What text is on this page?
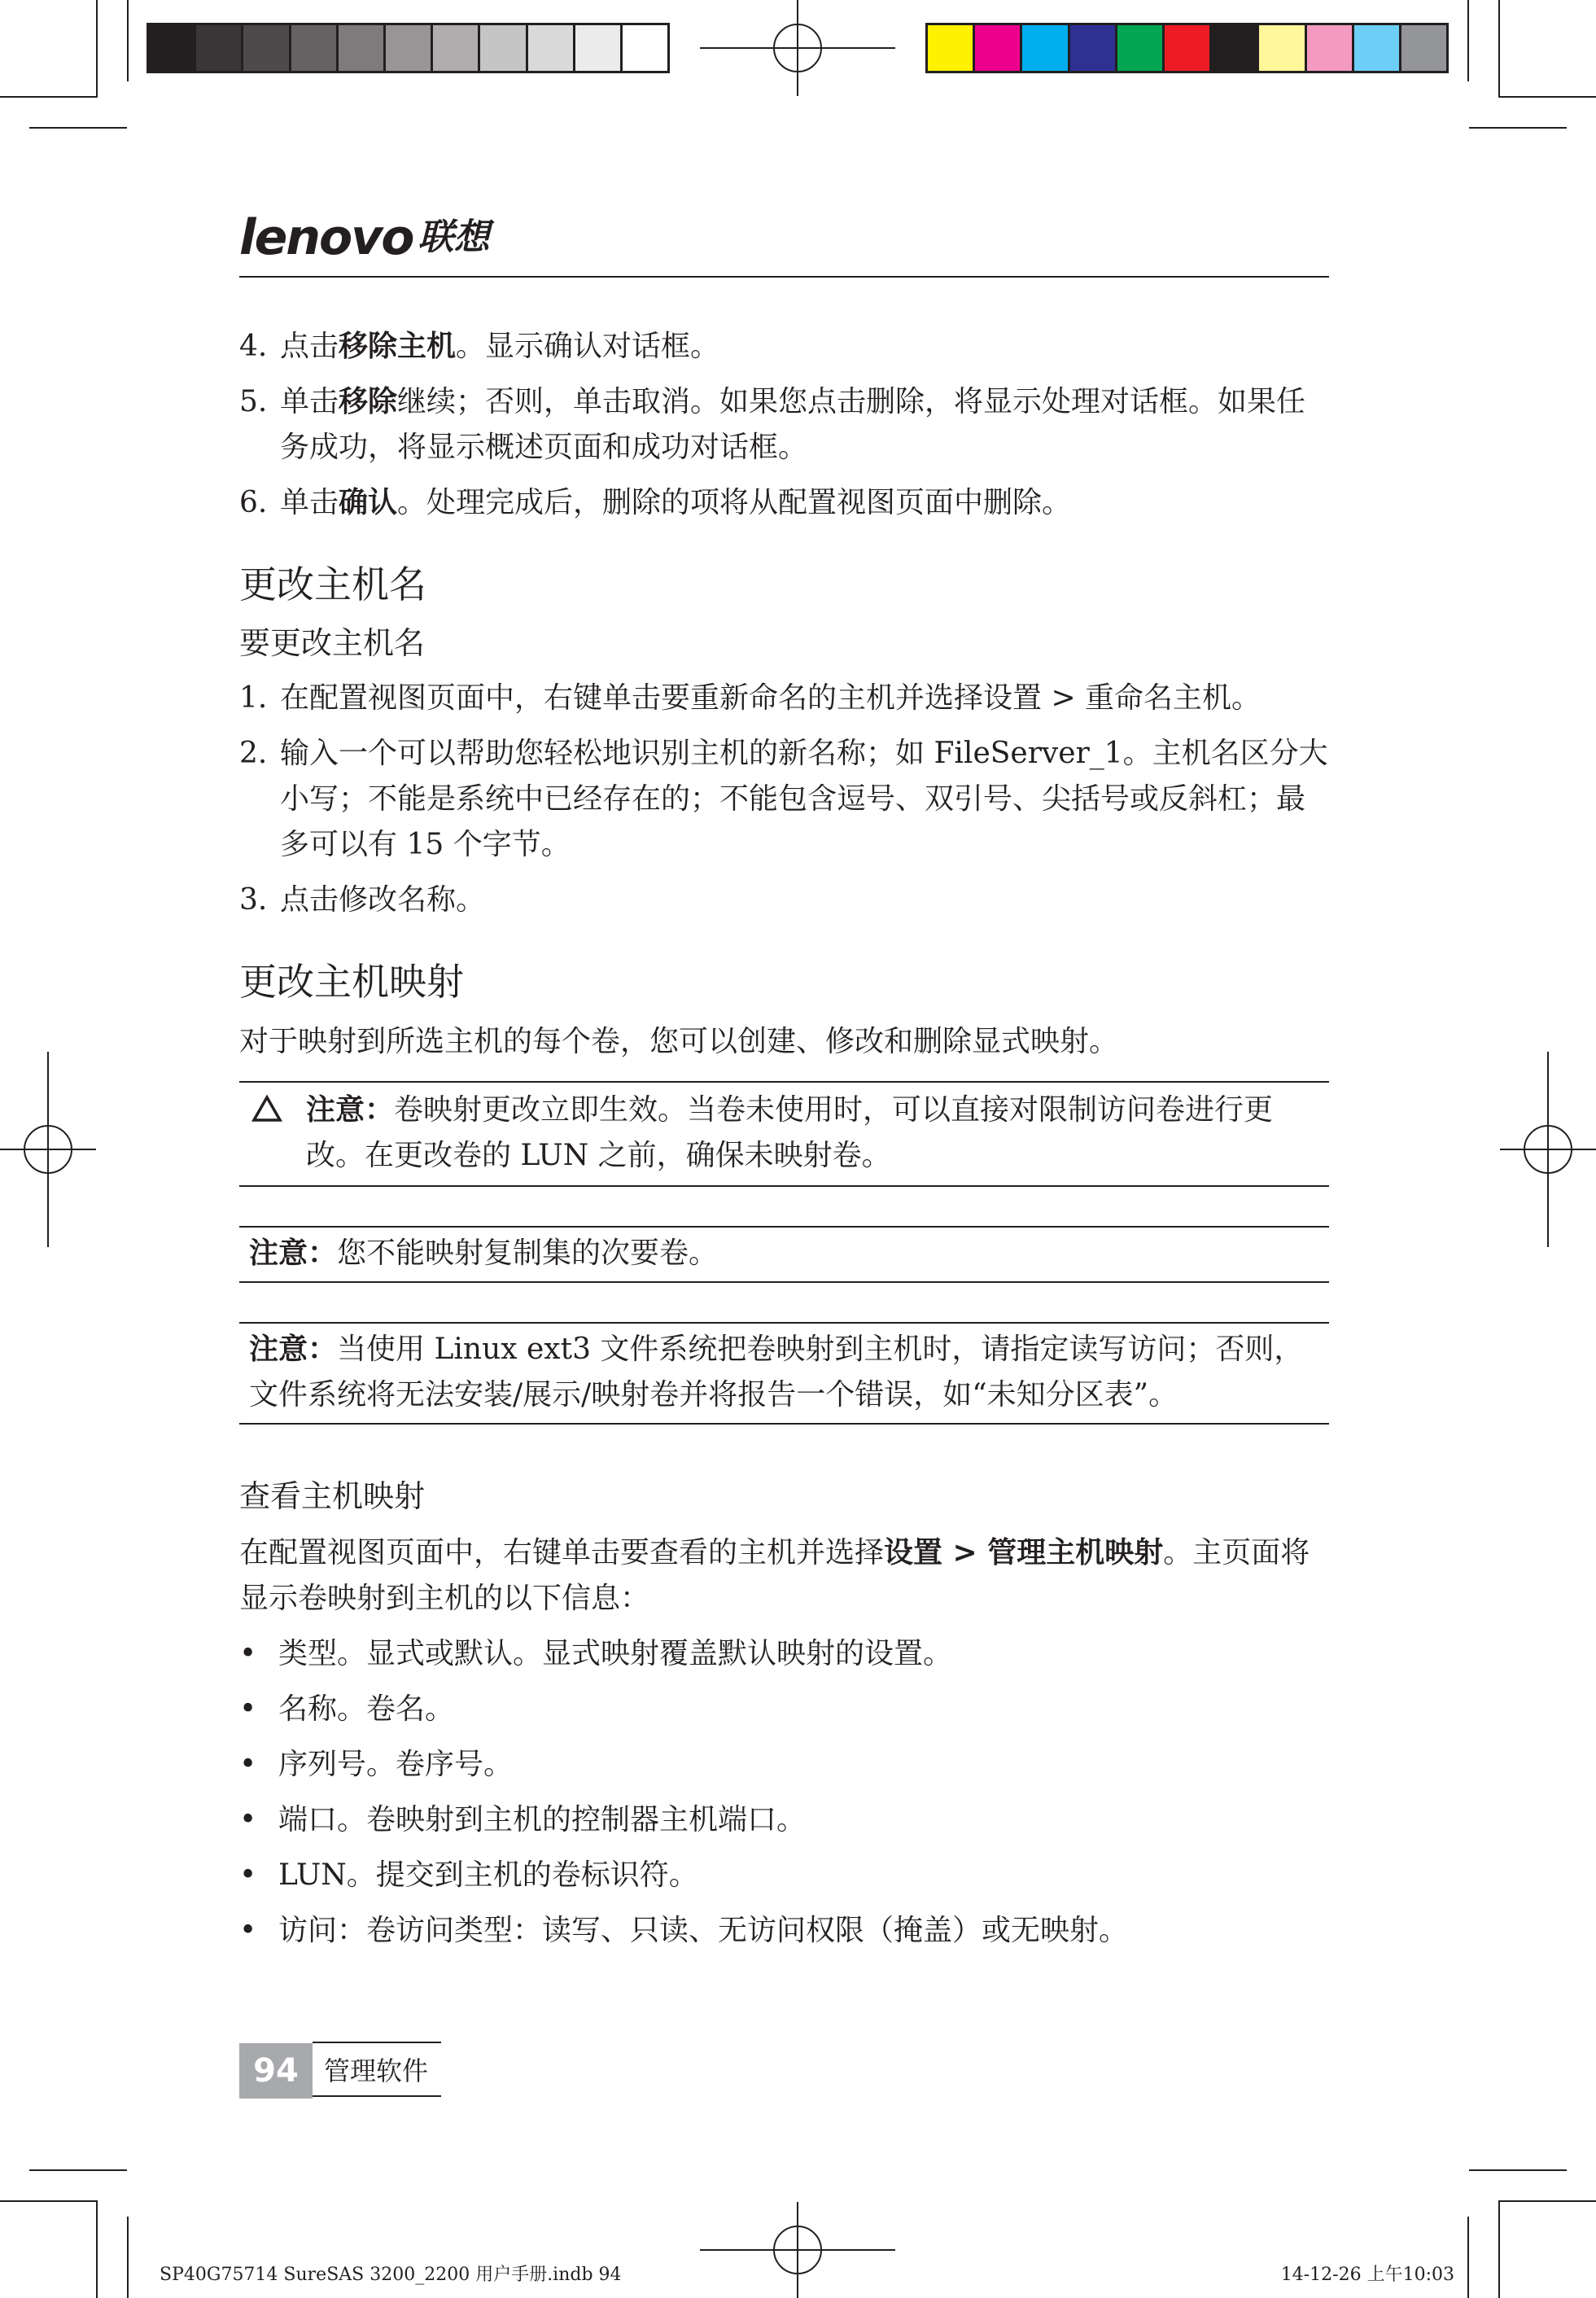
lenovo 联想
4. 点击移除主机。显示确认对话框。
5. 单击移除继续；否则，单击取消。如果您点击删除，将显示处理对话框。如果任务成功，将显示概述页面和成功对话框。
6. 单击确认。处理完成后，删除的项将从配置视图页面中删除。
更改主机名
要更改主机名
1. 在配置视图页面中，右键单击要重新命名的主机并选择设置 > 重命名主机。
2. 输入一个可以帮助您轻松地识别主机的新名称；如 FileServer_1。主机名区分大小写；不能是系统中已经存在的；不能包含逗号、双引号、尖括号或反斜杠；最多可以有 15 个字节。
3. 点击修改名称。
更改主机映射

对于映射到所选主机的每个卷，您可以创建、修改和删除显式映射。

注意：卷映射更改立即生效。当卷未使用时，可以直接对限制访问卷进行更改。在更改卷的 LUN 之前，确保未映射卷。
注意：您不能映射复制集的次要卷。
注意：当使用 Linux ext3 文件系统把卷映射到主机时，请指定读写访问；否则，文件系统将无法安装/展示/映射卷并将报告一个错误，如“未知分区表”。
查看主机映射

在配置视图页面中，右键单击要查看的主机并选择设置 > 管理主机映射。主页面将显示卷映射到主机的以下信息：

• 类型。显式或默认。显式映射覆盖默认映射的设置。
• 名称。卷名。
• 序列号。卷序号。
• 端口。卷映射到主机的控制器主机端口。
• LUN。提交到主机的卷标识符。
• 访问：卷访问类型：读写、只读、无访问权限（掩盖）或无映射。
94 管理软件
SP40G75714 SureSAS 3200_2200 用户手册.indb 94	14-12-26 上午10:03
